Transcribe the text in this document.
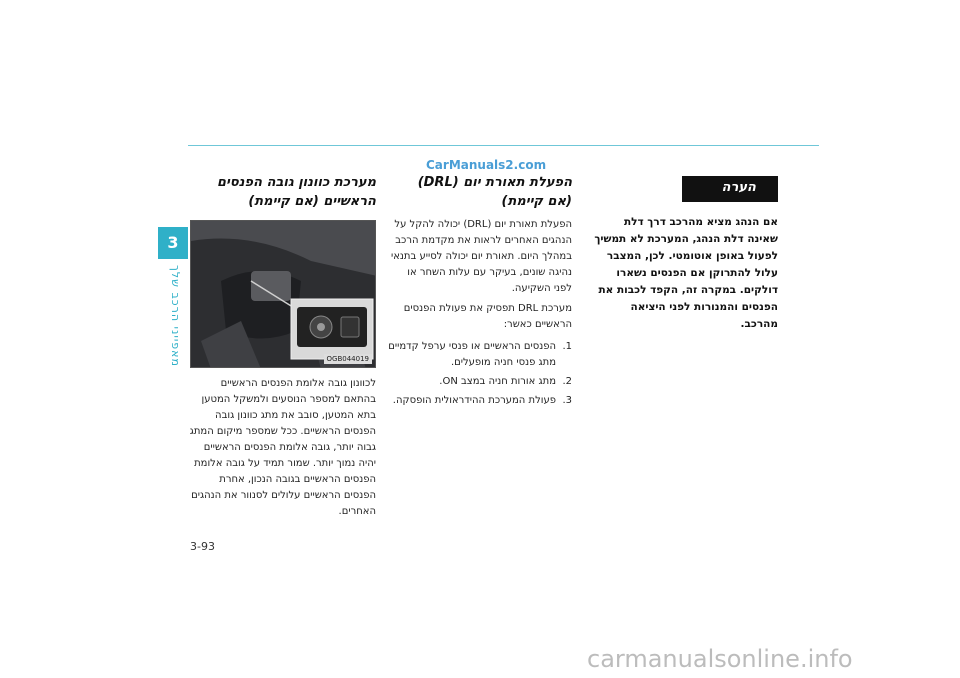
CarManuals2.com
3
מאפייני הרכב שלך
מערכת כוונון גובה הפנסים
הראשיים (אם קיימת)
OGB044019

לכוונון גובה אלומת הפנסים הראשיים בהתאם למספר הנוסעים ולמשקל המטען בתא המטען, סובב את מתג כוונון גובה הפנסים הראשיים. ככל שמספר מיקום המתג גבוה יותר, גובה אלומת הפנסים הראשיים יהיה נמוך יותר. שמור תמיד על גובה אלומת הפנסים הראשיים בגובה הנכון, אחרת הפנסים הראשיים עלולים לסנוור את הנהגים האחרים.

הפעלת תאורת יום (DRL)
(אם קיימת)

הפעלת תאורת יום (DRL) יכולה להקל על הנהגים האחרים לראות את מקדמת הרכב במהלך היום. תאורת יום יכולה לסייע בתנאי נהיגה שונים, בעיקר עם עלות השחר או לפני השקיעה.

מערכת DRL תפסיק את פעולת הפנסים הראשיים כאשר:

1.
הפנסים הראשיים או פנסי ערפל קדמיים מתג פנסי חניה מופעלים.
2.
מתג אורות חניה במצב ON.
3.
פעולת המערכת ההידראולית הופסקה.
הערה

אם הנהג מציא מהרכב דרך דלת שאינה דלת הנהג, המערכת לא תמשיך לפעול באופן אוטומטי. לכן, המצבר עלול להתרוקן אם הפנסים נשארו דולקים. במקרה זה, הקפד לכבות את הפנסים והמנורות לפני היציאה מהרכב.

3-93
carmanualsonline.info
